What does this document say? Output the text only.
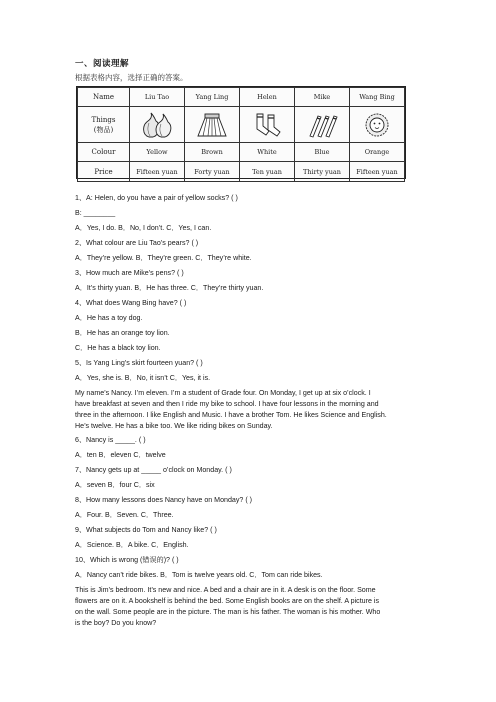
一、阅读理解
根据表格内容，选择正确的答案。
Name	Liu Tao	Yang Ling	Helen	Mike	Wang Bing

Things
(物品)

Colour	Yellow	Brown	White	Blue	Orange
Price	Fifteen yuan	Forty yuan	Ten yuan	Thirty yuan	Fifteen yuan
1、A: Helen, do you have a pair of yellow socks? ( )
B: ________
A．Yes, I do. B．No, I don’t. C．Yes, I can.
2、What colour are Liu Tao’s pears? ( )
A．They’re yellow. B．They’re green. C．They’re white.
3、How much are Mike’s pens? ( )
A．It’s thirty yuan. B．He has three. C．They’re thirty yuan.
4、What does Wang Bing have? ( )
A．He has a toy dog.
B．He has an orange toy lion.
C．He has a black toy lion.
5、Is Yang Ling’s skirt fourteen yuan? ( )
A．Yes, she is. B．No, it isn’t C．Yes, it is.
My name’s Nancy. I’m eleven. I’m a student of Grade four. On Monday, I get up at six o’clock. I
have breakfast at seven and then I ride my bike to school. I have four lessons in the morning and
three in the afternoon. I like English and Music. I have a brother Tom. He likes Science and English.
He’s twelve. He has a bike too. We like riding bikes on Sunday.
6、Nancy is _____. ( )
A．ten B．eleven C．twelve
7、Nancy gets up at _____ o’clock on Monday. ( )
A．seven B．four C．six
8、How many lessons does Nancy have on Monday? ( )
A．Four. B．Seven. C．Three.
9、What subjects do Tom and Nancy like? ( )
A．Science. B．A bike. C．English.
10、Which is wrong (错误的)? ( )
A．Nancy can’t ride bikes. B．Tom is twelve years old. C．Tom can ride bikes.
This is Jim’s bedroom. It’s new and nice. A bed and a chair are in it. A desk is on the floor. Some
flowers are on it. A bookshelf is behind the bed. Some English books are on the shelf. A picture is
on the wall. Some people are in the picture. The man is his father. The woman is his mother. Who
is the boy? Do you know?
